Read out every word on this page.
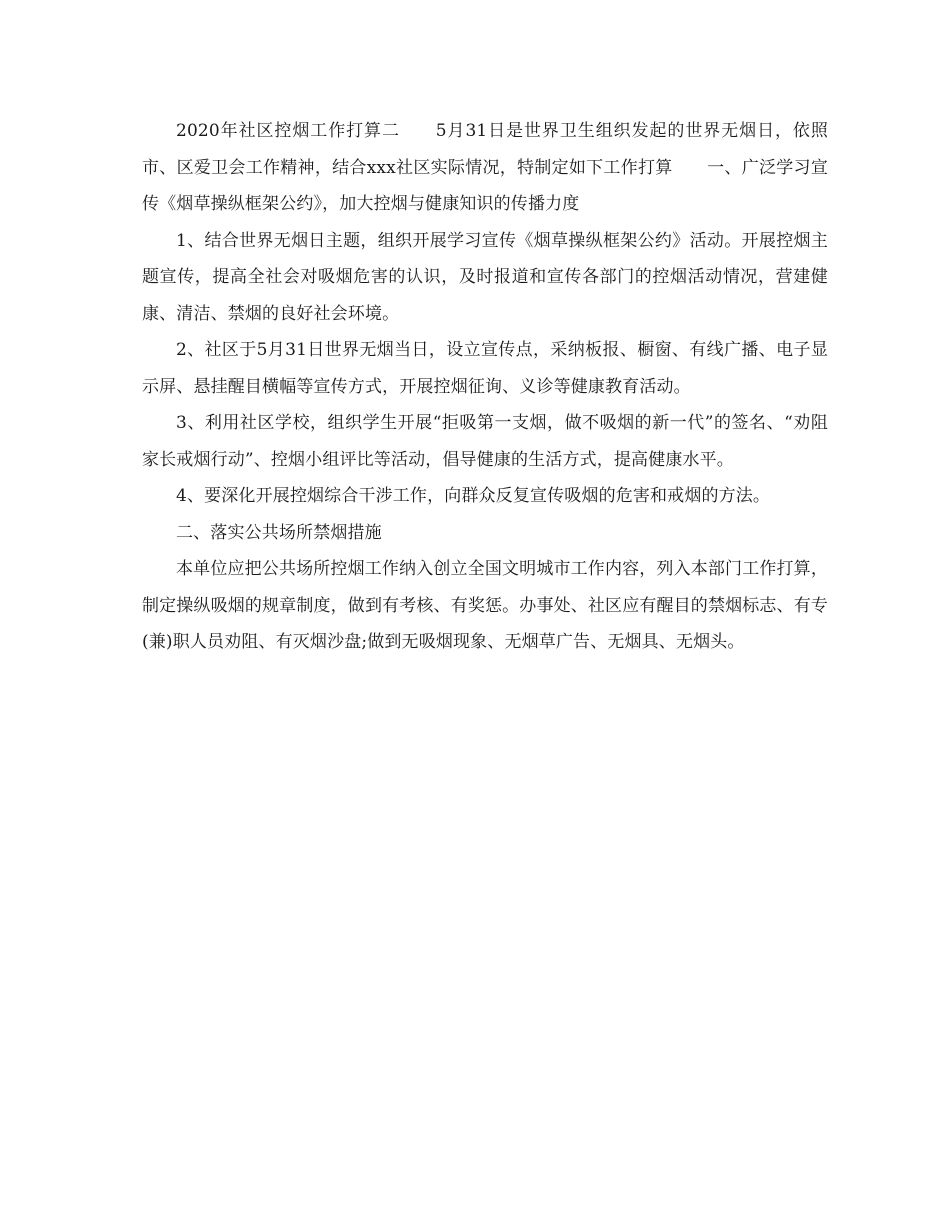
2020年社区控烟工作打算二　　5月31日是世界卫生组织发起的世界无烟日，依照市、区爱卫会工作精神，结合xxx社区实际情况，特制定如下工作打算　　一、广泛学习宣传《烟草操纵框架公约》，加大控烟与健康知识的传播力度

1、结合世界无烟日主题，组织开展学习宣传《烟草操纵框架公约》活动。开展控烟主题宣传，提高全社会对吸烟危害的认识，及时报道和宣传各部门的控烟活动情况，营建健康、清洁、禁烟的良好社会环境。

2、社区于5月31日世界无烟当日，设立宣传点，采纳板报、橱窗、有线广播、电子显示屏、悬挂醒目横幅等宣传方式，开展控烟征询、义诊等健康教育活动。

3、利用社区学校，组织学生开展“拒吸第一支烟，做不吸烟的新一代”的签名、“劝阻家长戒烟行动”、控烟小组评比等活动，倡导健康的生活方式，提高健康水平。

4、要深化开展控烟综合干涉工作，向群众反复宣传吸烟的危害和戒烟的方法。

二、落实公共场所禁烟措施

本单位应把公共场所控烟工作纳入创立全国文明城市工作内容，列入本部门工作打算，制定操纵吸烟的规章制度，做到有考核、有奖惩。办事处、社区应有醒目的禁烟标志、有专(兼)职人员劝阻、有灭烟沙盘;做到无吸烟现象、无烟草广告、无烟具、无烟头。
